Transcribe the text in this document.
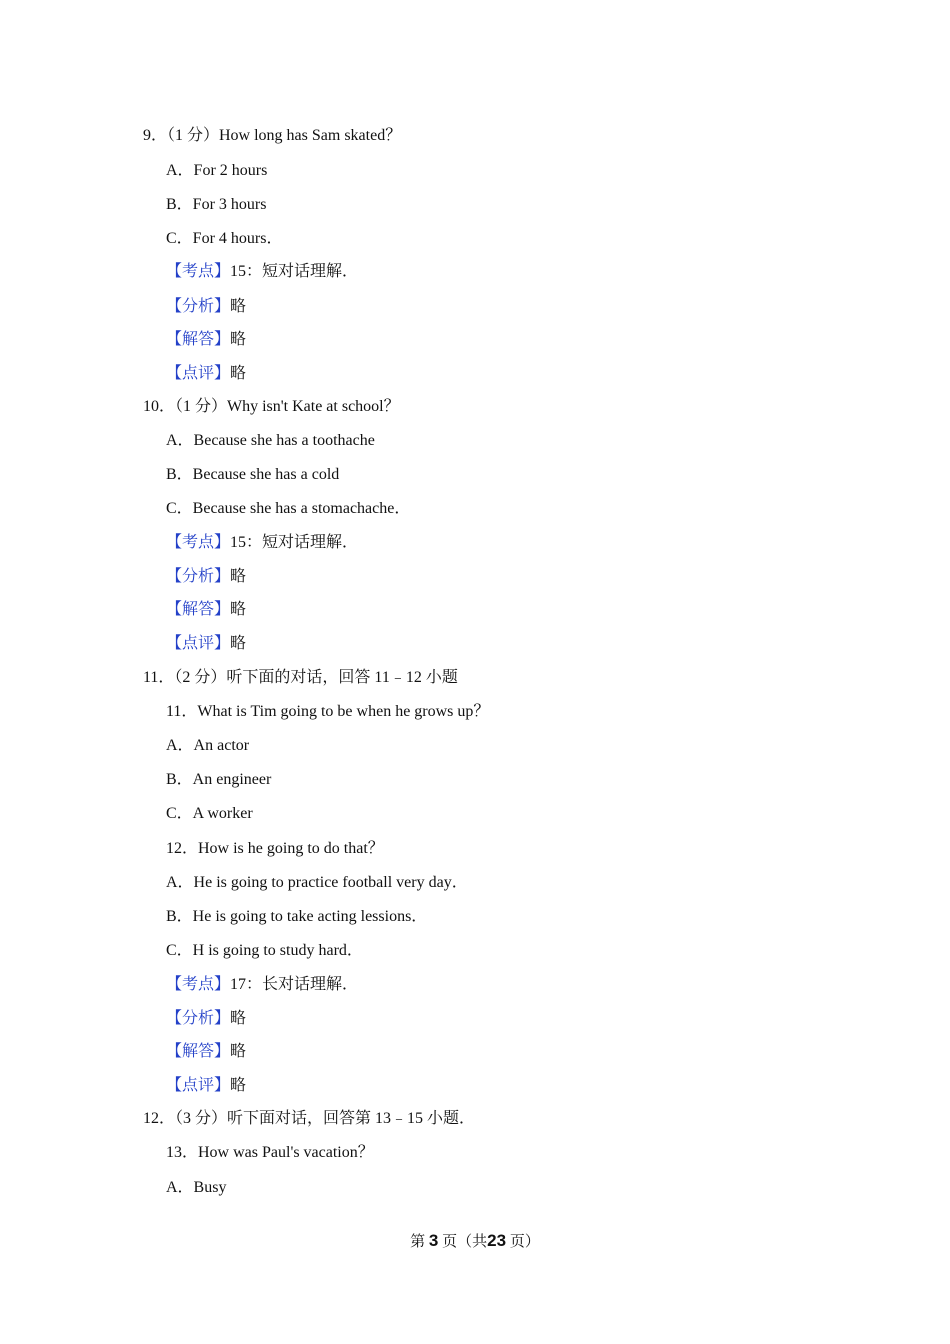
9．（1 分）How long has Sam skated？
A．For 2 hours
B．For 3 hours
C．For 4 hours．
【考点】15：短对话理解．
【分析】略
【解答】略
【点评】略
10．（1 分）Why isn't Kate at school？
A．Because she has a toothache
B．Because she has a cold
C．Because she has a stomachache．
【考点】15：短对话理解．
【分析】略
【解答】略
【点评】略
11．（2 分）听下面的对话，回答 11﹣12 小题
11．What is Tim going to be when he grows up？
A．An actor
B．An engineer
C．A worker
12．How is he going to do that？
A．He is going to practice football very day．
B．He is going to take acting lessions．
C．H is going to study hard．
【考点】17：长对话理解．
【分析】略
【解答】略
【点评】略
12．（3 分）听下面对话，回答第 13﹣15 小题．
13．How was Paul's vacation？
A．Busy
第 3 页（共23 页）
